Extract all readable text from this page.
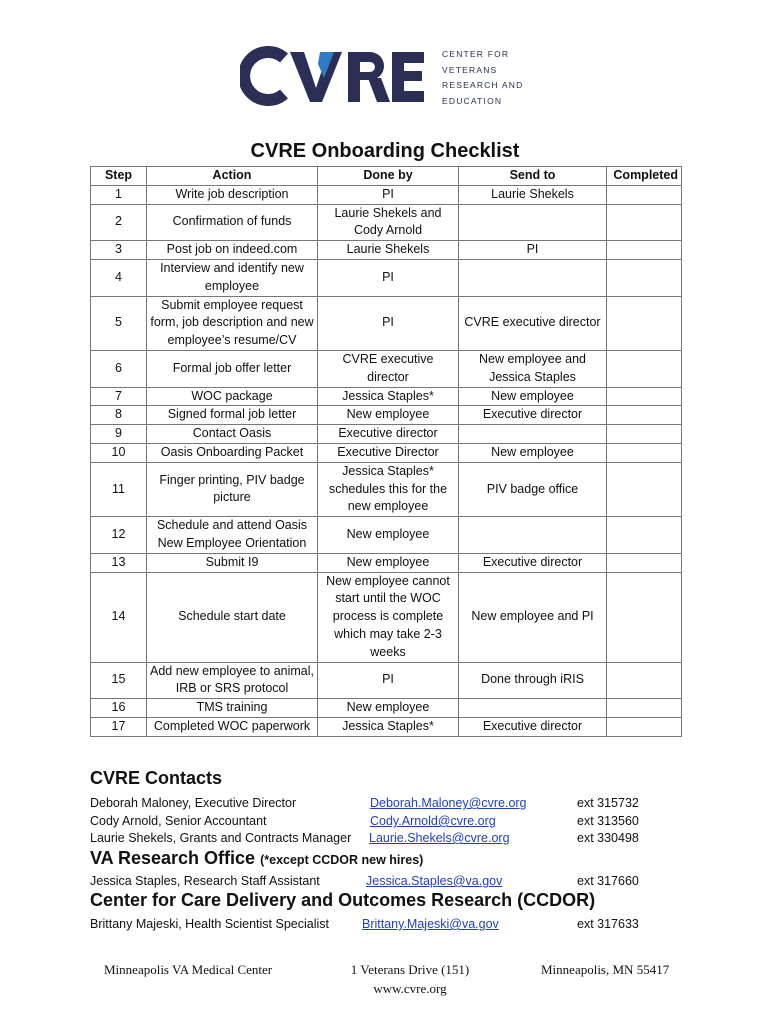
CENTER FOR
VETERANS
RESEARCH AND
EDUCATION
CVRE Onboarding Checklist
Step	Action	Done by	Send to	Completed
1	Write job description	PI	Laurie Shekels	
2	Confirmation of funds	Laurie Shekels and Cody Arnold		
3	Post job on indeed.com	Laurie Shekels	PI	
4	Interview and identify new employee	PI		
5	Submit employee request form, job description and new employee’s resume/CV	PI	CVRE executive director	
6	Formal job offer letter	CVRE executive director	New employee and Jessica Staples	
7	WOC package	Jessica Staples*	New employee	
8	Signed formal job letter	New employee	Executive director	
9	Contact Oasis	Executive director		
10	Oasis Onboarding Packet	Executive Director	New employee	
11	Finger printing, PIV badge picture	Jessica Staples* schedules this for the new employee	PIV badge office	
12	Schedule and attend Oasis New Employee Orientation	New employee		
13	Submit I9	New employee	Executive director	
14	Schedule start date	New employee cannot start until the WOC process is complete which may take 2-3 weeks	New employee and PI	
15	Add new employee to animal, IRB or SRS protocol	PI	Done through iRIS	
16	TMS training	New employee		
17	Completed WOC paperwork	Jessica Staples*	Executive director	
CVRE Contacts
Deborah Maloney, Executive Director	Deborah.Maloney@cvre.org	ext 315732
Cody Arnold, Senior Accountant	Cody.Arnold@cvre.org	ext 313560
Laurie Shekels, Grants and Contracts Manager Laurie.Shekels@cvre.org	ext 330498
VA Research Office (*except CCDOR new hires)
Jessica Staples, Research Staff Assistant	Jessica.Staples@va.gov	ext 317660
Center for Care Delivery and Outcomes Research (CCDOR)
Brittany Majeski, Health Scientist Specialist	Brittany.Majeski@va.gov	ext 317633
Minneapolis VA Medical Center	1 Veterans Drive (151)
www.cvre.org
Minneapolis, MN 55417
